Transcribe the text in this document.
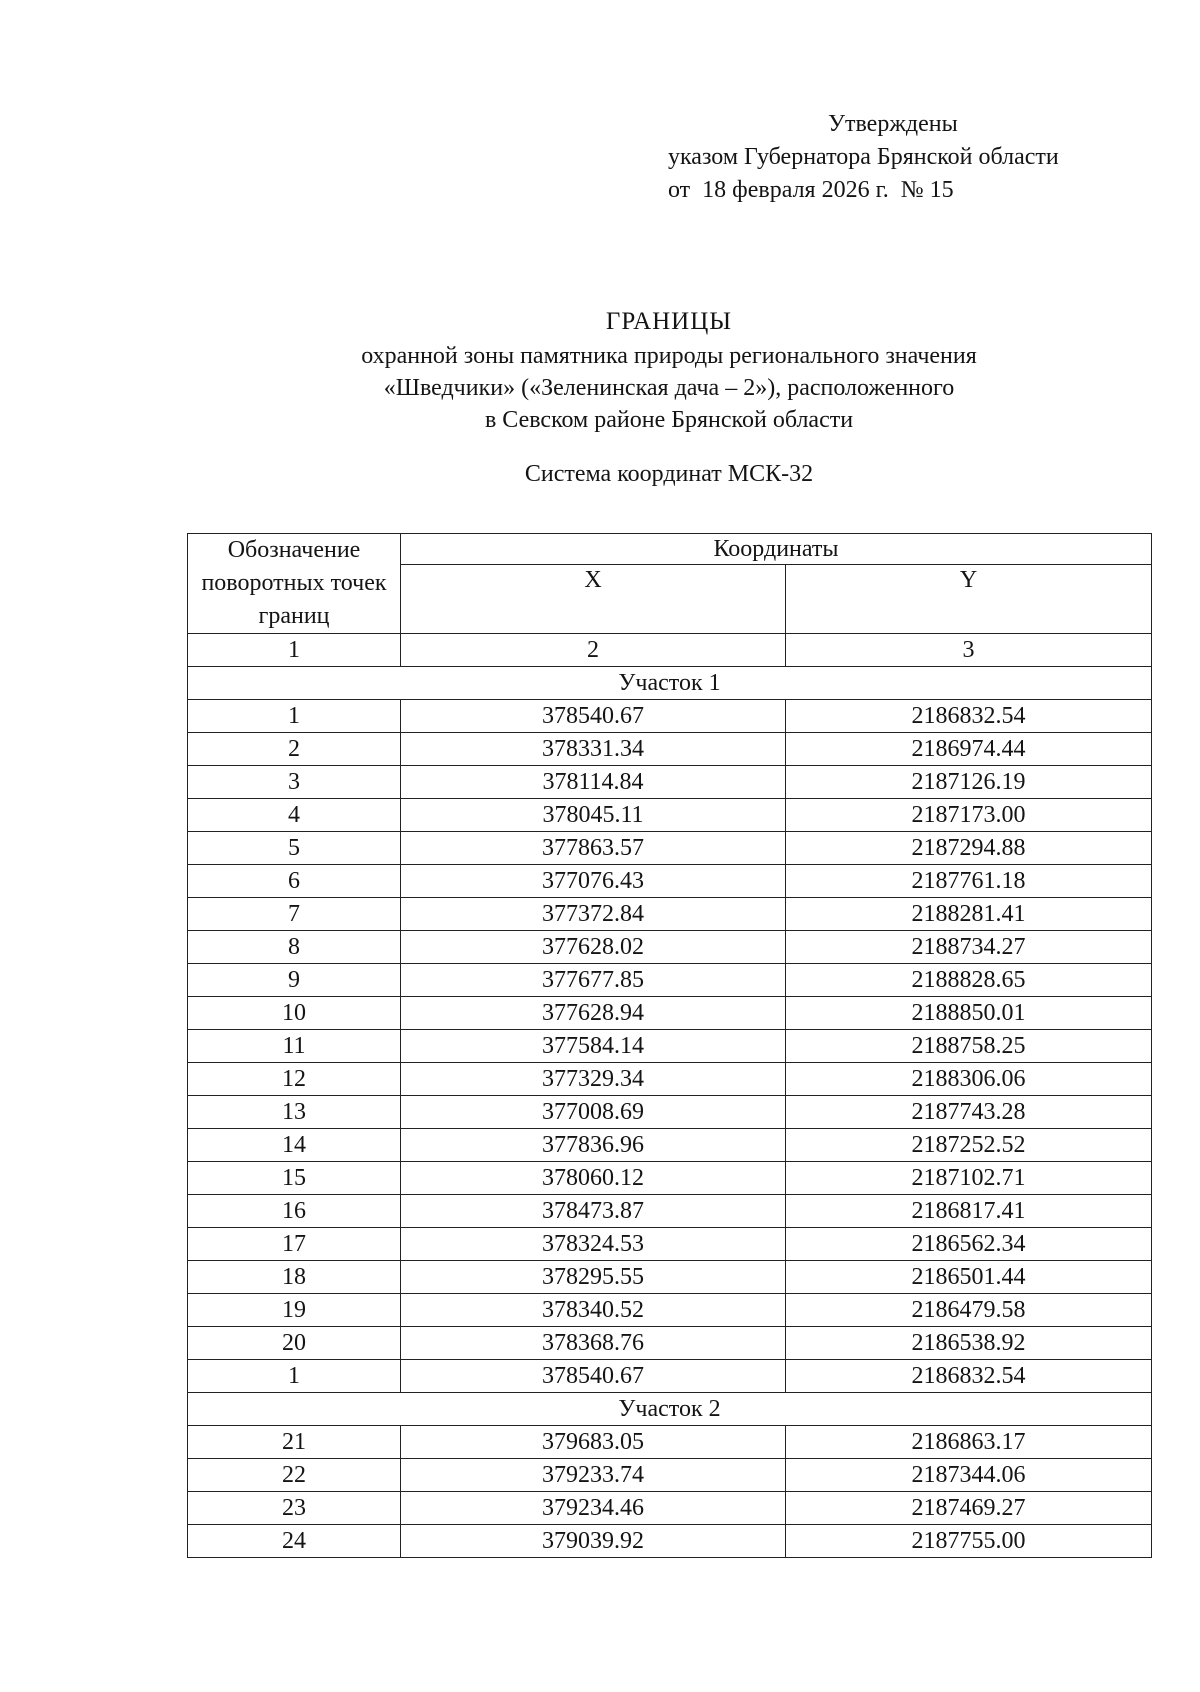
Утверждены
указом Губернатора Брянской области
от  18 февраля 2026 г.  № 15
ГРАНИЦЫ
охранной зоны памятника природы регионального значения
«Шведчики» («Зеленинская дача – 2»), расположенного
в Севском районе Брянской области
Система координат МСК-32
Обозначение поворотных точек границ	Координаты	
	X	Y
1	2	3
Участок 1		
1	378540.67	2186832.54
2	378331.34	2186974.44
3	378114.84	2187126.19
4	378045.11	2187173.00
5	377863.57	2187294.88
6	377076.43	2187761.18
7	377372.84	2188281.41
8	377628.02	2188734.27
9	377677.85	2188828.65
10	377628.94	2188850.01
11	377584.14	2188758.25
12	377329.34	2188306.06
13	377008.69	2187743.28
14	377836.96	2187252.52
15	378060.12	2187102.71
16	378473.87	2186817.41
17	378324.53	2186562.34
18	378295.55	2186501.44
19	378340.52	2186479.58
20	378368.76	2186538.92
1	378540.67	2186832.54
Участок 2		
21	379683.05	2186863.17
22	379233.74	2187344.06
23	379234.46	2187469.27
24	379039.92	2187755.00
